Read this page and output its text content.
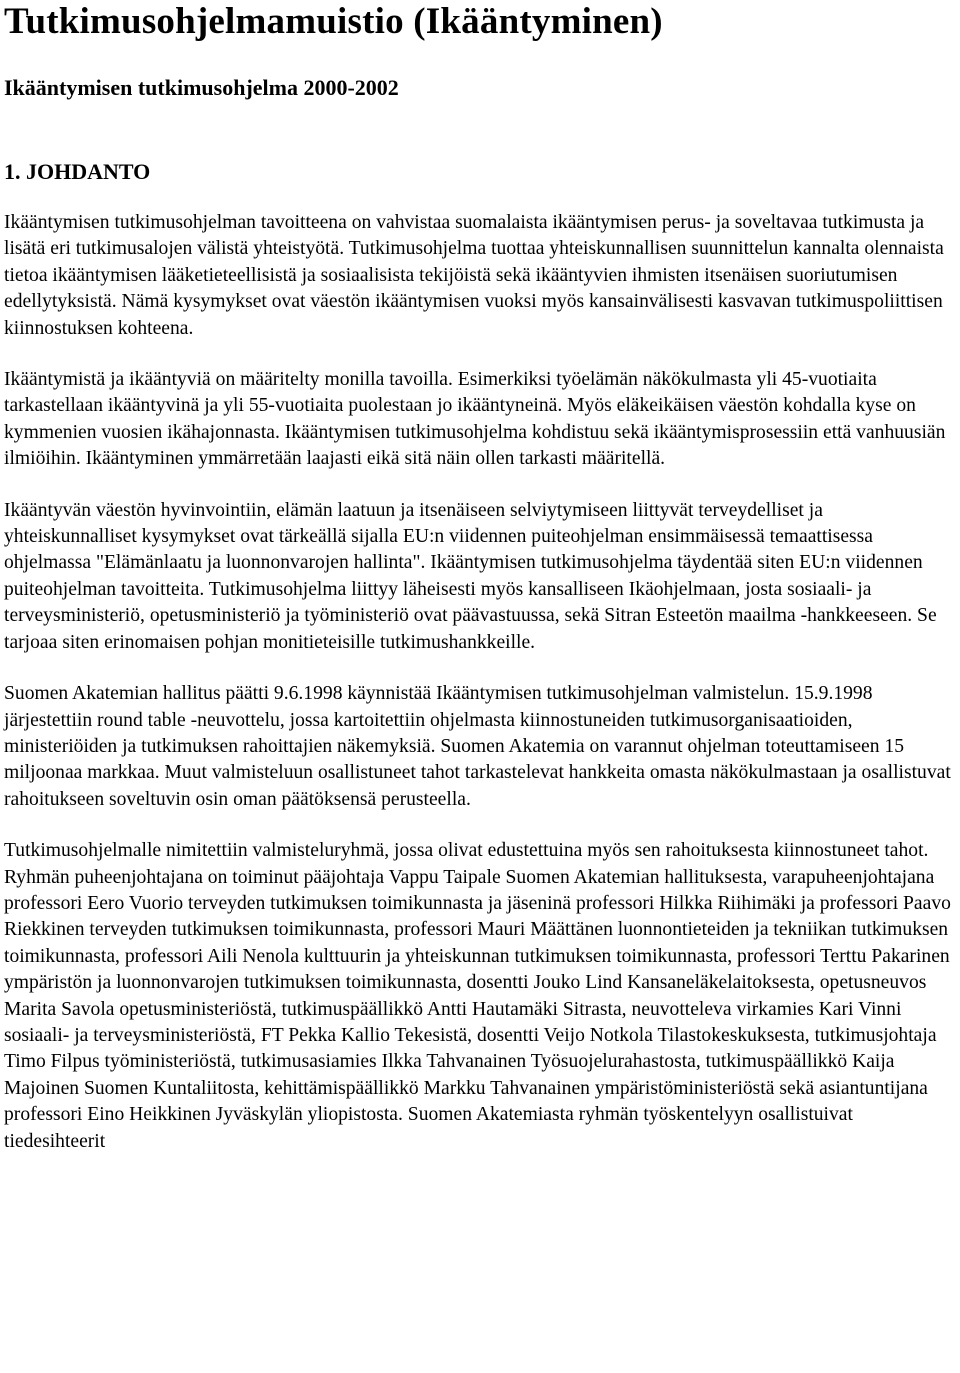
Tutkimusohjelmamuistio (Ikääntyminen)
Ikääntymisen tutkimusohjelma 2000-2002
1. JOHDANTO

Ikääntymisen tutkimusohjelman tavoitteena on vahvistaa suomalaista ikääntymisen perus- ja soveltavaa tutkimusta ja lisätä eri tutkimusalojen välistä yhteistyötä. Tutkimusohjelma tuottaa yhteiskunnallisen suunnittelun kannalta olennaista tietoa ikääntymisen lääketieteellisistä ja sosiaalisista tekijöistä sekä ikääntyvien ihmisten itsenäisen suoriutumisen edellytyksistä. Nämä kysymykset ovat väestön ikääntymisen vuoksi myös kansainvälisesti kasvavan tutkimuspoliittisen kiinnostuksen kohteena.

Ikääntymistä ja ikääntyviä on määritelty monilla tavoilla. Esimerkiksi työelämän näkökulmasta yli 45-vuotiaita tarkastellaan ikääntyvinä ja yli 55-vuotiaita puolestaan jo ikääntyneinä. Myös eläkeikäisen väestön kohdalla kyse on kymmenien vuosien ikähajonnasta. Ikääntymisen tutkimusohjelma kohdistuu sekä ikääntymisprosessiin että vanhuusiän ilmiöihin. Ikääntyminen ymmärretään laajasti eikä sitä näin ollen tarkasti määritellä.

Ikääntyvän väestön hyvinvointiin, elämän laatuun ja itsenäiseen selviytymiseen liittyvät terveydelliset ja yhteiskunnalliset kysymykset ovat tärkeällä sijalla EU:n viidennen puiteohjelman ensimmäisessä temaattisessa ohjelmassa "Elämänlaatu ja luonnonvarojen hallinta". Ikääntymisen tutkimusohjelma täydentää siten EU:n viidennen puiteohjelman tavoitteita. Tutkimusohjelma liittyy läheisesti myös kansalliseen Ikäohjelmaan, josta sosiaali- ja terveysministeriö, opetusministeriö ja työministeriö ovat päävastuussa, sekä Sitran Esteetön maailma -hankkeeseen. Se tarjoaa siten erinomaisen pohjan monitieteisille tutkimushankkeille.

Suomen Akatemian hallitus päätti 9.6.1998 käynnistää Ikääntymisen tutkimusohjelman valmistelun. 15.9.1998 järjestettiin round table -neuvottelu, jossa kartoitettiin ohjelmasta kiinnostuneiden tutkimusorganisaatioiden, ministeriöiden ja tutkimuksen rahoittajien näkemyksiä. Suomen Akatemia on varannut ohjelman toteuttamiseen 15 miljoonaa markkaa. Muut valmisteluun osallistuneet tahot tarkastelevat hankkeita omasta näkökulmastaan ja osallistuvat rahoitukseen soveltuvin osin oman päätöksensä perusteella.

Tutkimusohjelmalle nimitettiin valmisteluryhmä, jossa olivat edustettuina myös sen rahoituksesta kiinnostuneet tahot. Ryhmän puheenjohtajana on toiminut pääjohtaja Vappu Taipale Suomen Akatemian hallituksesta, varapuheenjohtajana professori Eero Vuorio terveyden tutkimuksen toimikunnasta ja jäseninä professori Hilkka Riihimäki ja professori Paavo Riekkinen terveyden tutkimuksen toimikunnasta, professori Mauri Määttänen luonnontieteiden ja tekniikan tutkimuksen toimikunnasta, professori Aili Nenola kulttuurin ja yhteiskunnan tutkimuksen toimikunnasta, professori Terttu Pakarinen ympäristön ja luonnonvarojen tutkimuksen toimikunnasta, dosentti Jouko Lind Kansaneläkelaitoksesta, opetusneuvos Marita Savola opetusministeriöstä, tutkimuspäällikkö Antti Hautamäki Sitrasta, neuvotteleva virkamies Kari Vinni sosiaali- ja terveysministeriöstä, FT Pekka Kallio Tekesistä, dosentti Veijo Notkola Tilastokeskuksesta, tutkimusjohtaja Timo Filpus työministeriöstä, tutkimusasiamies Ilkka Tahvanainen Työsuojelurahastosta, tutkimuspäällikkö Kaija Majoinen Suomen Kuntaliitosta, kehittämispäällikkö Markku Tahvanainen ympäristöministeriöstä sekä asiantuntijana professori Eino Heikkinen Jyväskylän yliopistosta. Suomen Akatemiasta ryhmän työskentelyyn osallistuivat tiedesihteerit
